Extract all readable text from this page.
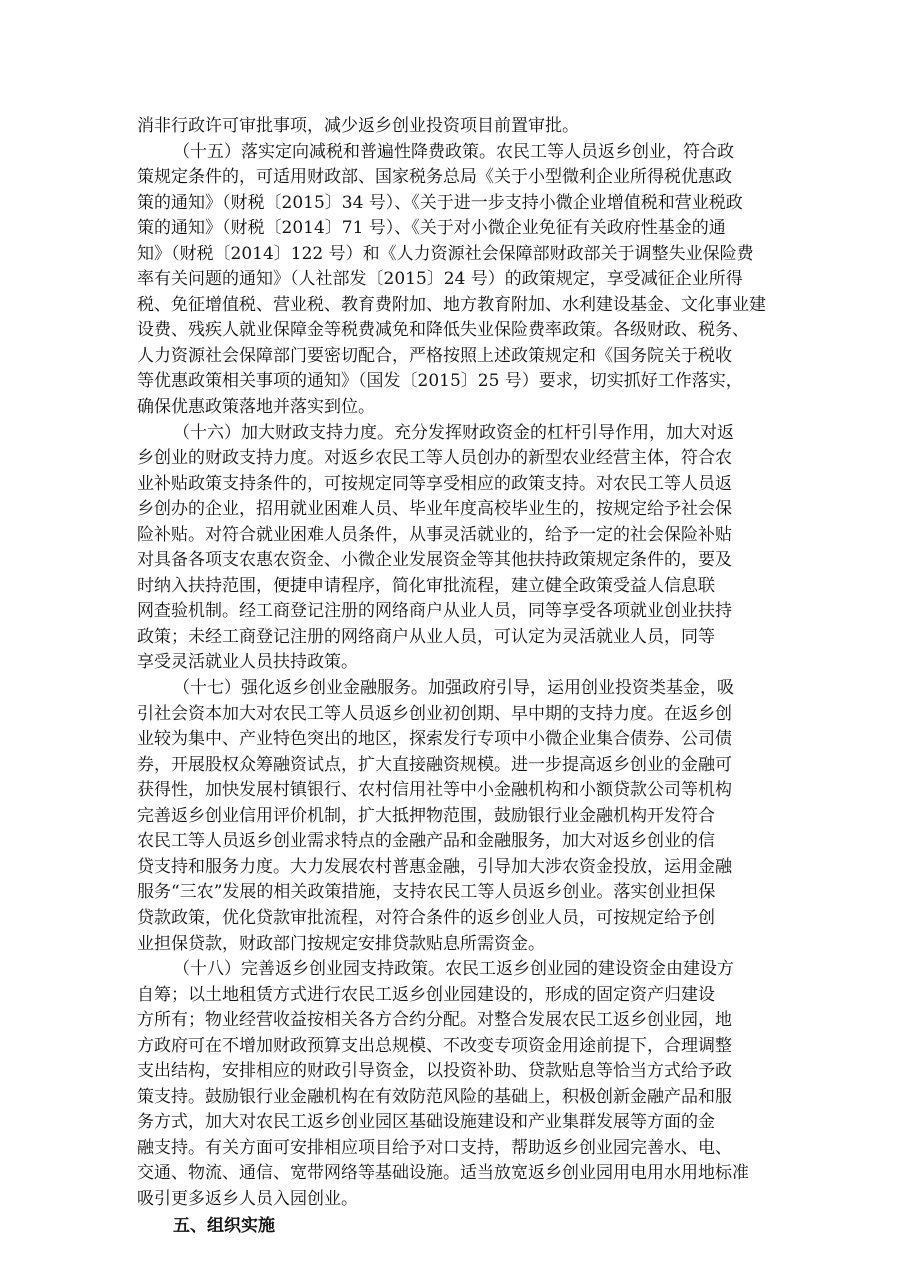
消非行政许可审批事项，减少返乡创业投资项目前置审批。
（十五）落实定向减税和普遍性降费政策。农民工等人员返乡创业，符合政
策规定条件的，可适用财政部、国家税务总局《关于小型微利企业所得税优惠政
策的通知》（财税〔2015〕34 号）、《关于进一步支持小微企业增值税和营业税政
策的通知》（财税〔2014〕71 号）、《关于对小微企业免征有关政府性基金的通
知》（财税〔2014〕122 号）和《人力资源社会保障部财政部关于调整失业保险费
率有关问题的通知》（人社部发〔2015〕24 号）的政策规定，享受减征企业所得
税、免征增值税、营业税、教育费附加、地方教育附加、水利建设基金、文化事业建
设费、残疾人就业保障金等税费减免和降低失业保险费率政策。各级财政、税务、
人力资源社会保障部门要密切配合，严格按照上述政策规定和《国务院关于税收
等优惠政策相关事项的通知》（国发〔2015〕25 号）要求，切实抓好工作落实，
确保优惠政策落地并落实到位。
（十六）加大财政支持力度。充分发挥财政资金的杠杆引导作用，加大对返
乡创业的财政支持力度。对返乡农民工等人员创办的新型农业经营主体，符合农
业补贴政策支持条件的，可按规定同等享受相应的政策支持。对农民工等人员返
乡创办的企业，招用就业困难人员、毕业年度高校毕业生的，按规定给予社会保
险补贴。对符合就业困难人员条件，从事灵活就业的，给予一定的社会保险补贴
对具备各项支农惠农资金、小微企业发展资金等其他扶持政策规定条件的，要及
时纳入扶持范围，便捷申请程序，简化审批流程，建立健全政策受益人信息联
网查验机制。经工商登记注册的网络商户从业人员，同等享受各项就业创业扶持
政策；未经工商登记注册的网络商户从业人员，可认定为灵活就业人员，同等
享受灵活就业人员扶持政策。
（十七）强化返乡创业金融服务。加强政府引导，运用创业投资类基金，吸
引社会资本加大对农民工等人员返乡创业初创期、早中期的支持力度。在返乡创
业较为集中、产业特色突出的地区，探索发行专项中小微企业集合债券、公司债
券，开展股权众筹融资试点，扩大直接融资规模。进一步提高返乡创业的金融可
获得性，加快发展村镇银行、农村信用社等中小金融机构和小额贷款公司等机构
完善返乡创业信用评价机制，扩大抵押物范围，鼓励银行业金融机构开发符合
农民工等人员返乡创业需求特点的金融产品和金融服务，加大对返乡创业的信
贷支持和服务力度。大力发展农村普惠金融，引导加大涉农资金投放，运用金融
服务“三农”发展的相关政策措施，支持农民工等人员返乡创业。落实创业担保
贷款政策，优化贷款审批流程，对符合条件的返乡创业人员，可按规定给予创
业担保贷款，财政部门按规定安排贷款贴息所需资金。
（十八）完善返乡创业园支持政策。农民工返乡创业园的建设资金由建设方
自筹；以土地租赁方式进行农民工返乡创业园建设的，形成的固定资产归建设
方所有；物业经营收益按相关各方合约分配。对整合发展农民工返乡创业园，地
方政府可在不增加财政预算支出总规模、不改变专项资金用途前提下，合理调整
支出结构，安排相应的财政引导资金，以投资补助、贷款贴息等恰当方式给予政
策支持。鼓励银行业金融机构在有效防范风险的基础上，积极创新金融产品和服
务方式，加大对农民工返乡创业园区基础设施建设和产业集群发展等方面的金
融支持。有关方面可安排相应项目给予对口支持，帮助返乡创业园完善水、电、
交通、物流、通信、宽带网络等基础设施。适当放宽返乡创业园用电用水用地标准
吸引更多返乡人员入园创业。
五、组织实施
